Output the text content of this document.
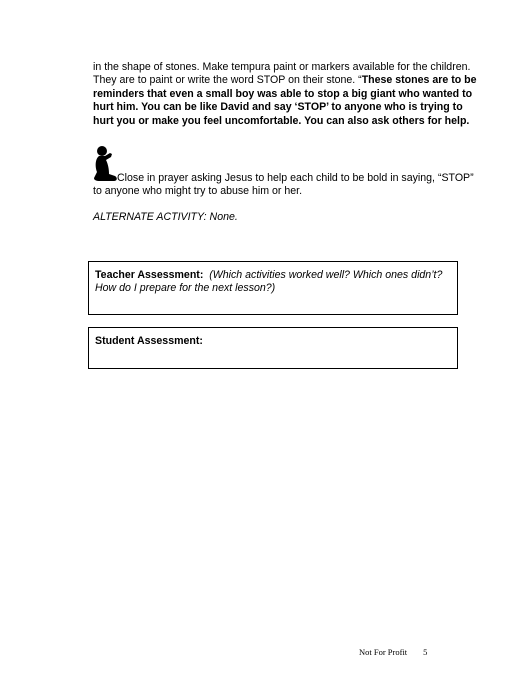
in the shape of stones. Make tempura paint or markers available for the children. They are to paint or write the word STOP on their stone. “These stones are to be reminders that even a small boy was able to stop a big giant who wanted to hurt him. You can be like David and say ‘STOP’ to anyone who is trying to hurt you or make you feel uncomfortable. You can also ask others for help.

Close in prayer asking Jesus to help each child to be bold in saying, “STOP” to anyone who might try to abuse him or her.

ALTERNATE ACTIVITY: None.

Teacher Assessment: (Which activities worked well? Which ones didn’t? How do I prepare for the next lesson?)
Student Assessment:
Not For Profit 5
